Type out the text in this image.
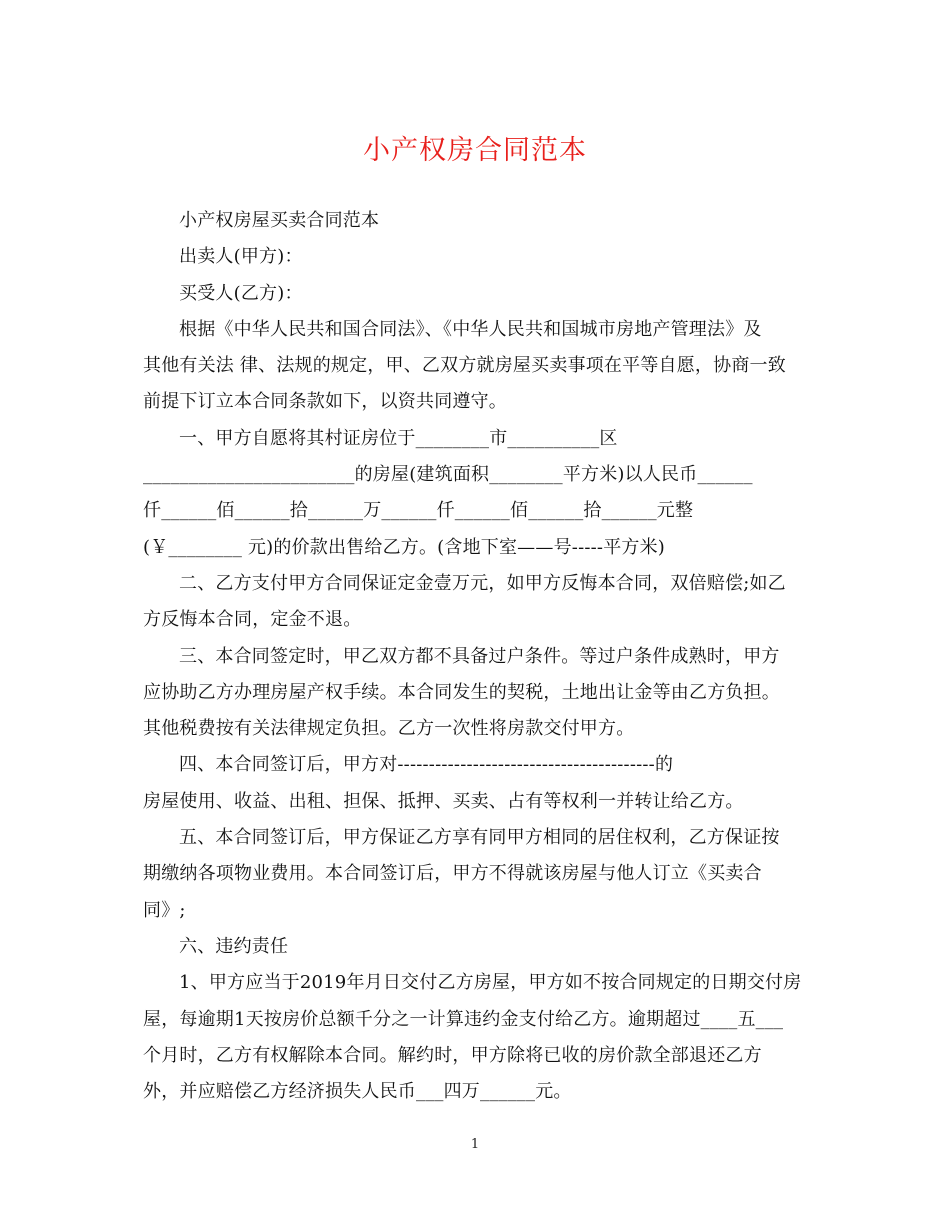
小产权房合同范本

小产权房屋买卖合同范本

出卖人(甲方)：

买受人(乙方)：

根据《中华人民共和国合同法》、《中华人民共和国城市房地产管理法》及
其他有关法 律、法规的规定，甲、乙双方就房屋买卖事项在平等自愿，协商一致
前提下订立本合同条款如下，以资共同遵守。

一、甲方自愿将其村证房位于________市__________区
_______________________的房屋(建筑面积________平方米)以人民币______
仟______佰______拾______万______仟______佰______拾______元整
(￥________ 元)的价款出售给乙方。(含地下室——号-----平方米)

二、乙方支付甲方合同保证定金壹万元，如甲方反悔本合同，双倍赔偿;如乙
方反悔本合同，定金不退。

三、本合同签定时，甲乙双方都不具备过户条件。等过户条件成熟时，甲方
应协助乙方办理房屋产权手续。本合同发生的契税，土地出让金等由乙方负担。
其他税费按有关法律规定负担。乙方一次性将房款交付甲方。

四、本合同签订后，甲方对-----------------------------------------的
房屋使用、收益、出租、担保、抵押、买卖、占有等权利一并转让给乙方。

五、本合同签订后，甲方保证乙方享有同甲方相同的居住权利，乙方保证按
期缴纳各项物业费用。本合同签订后，甲方不得就该房屋与他人订立《买卖合
同》;

六、违约责任

1、甲方应当于2019年月日交付乙方房屋，甲方如不按合同规定的日期交付房
屋，每逾期1天按房价总额千分之一计算违约金支付给乙方。逾期超过____五___
个月时，乙方有权解除本合同。解约时，甲方除将已收的房价款全部退还乙方
外，并应赔偿乙方经济损失人民币___四万______元。

1
